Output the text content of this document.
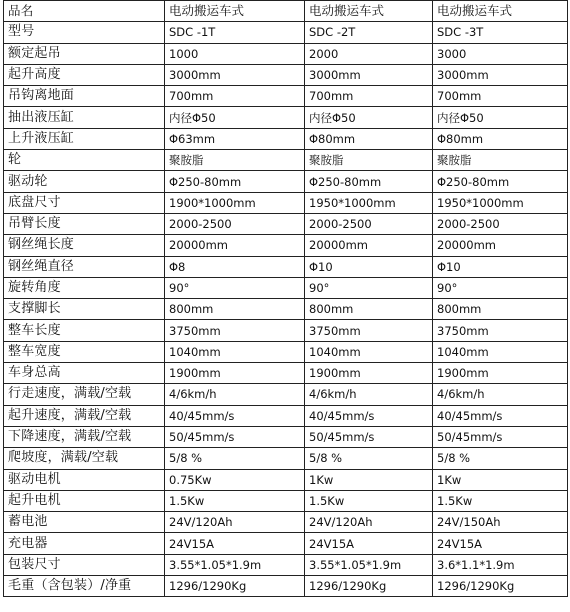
品名	电动搬运车式	电动搬运车式	电动搬运车式
型号	SDC -1T	SDC -2T	SDC -3T
额定起吊	1000	2000	3000
起升高度	3000mm	3000mm	3000mm
吊钩离地面	700mm	700mm	700mm
抽出液压缸	内径Φ50	内径Φ50	内径Φ50
上升液压缸	Φ63mm	Φ80mm	Φ80mm
轮	聚胺脂	聚胺脂	聚胺脂
驱动轮	Φ250-80mm	Φ250-80mm	Φ250-80mm
底盘尺寸	1900*1000mm	1950*1000mm	1950*1000mm
吊臂长度	2000-2500	2000-2500	2000-2500
钢丝绳长度	20000mm	20000mm	20000mm
钢丝绳直径	Φ8	Φ10	Φ10
旋转角度	90°	90°	90°
支撑脚长	800mm	800mm	800mm
整车长度	3750mm	3750mm	3750mm
整车宽度	1040mm	1040mm	1040mm
车身总高	1900mm	1900mm	1900mm
行走速度，满载/空载	4/6km/h	4/6km/h	4/6km/h
起升速度，满载/空载	40/45mm/s	40/45mm/s	40/45mm/s
下降速度，满载/空载	50/45mm/s	50/45mm/s	50/45mm/s
爬坡度，满载/空载	5/8 %	5/8 %	5/8 %
驱动电机	0.75Kw	1Kw	1Kw
起升电机	1.5Kw	1.5Kw	1.5Kw
蓄电池	24V/120Ah	24V/120Ah	24V/150Ah
充电器	24V15A	24V15A	24V15A
包装尺寸	3.55*1.05*1.9m	3.55*1.05*1.9m	3.6*1.1*1.9m
毛重（含包装）/净重	1296/1290Kg	1296/1290Kg	1296/1290Kg
